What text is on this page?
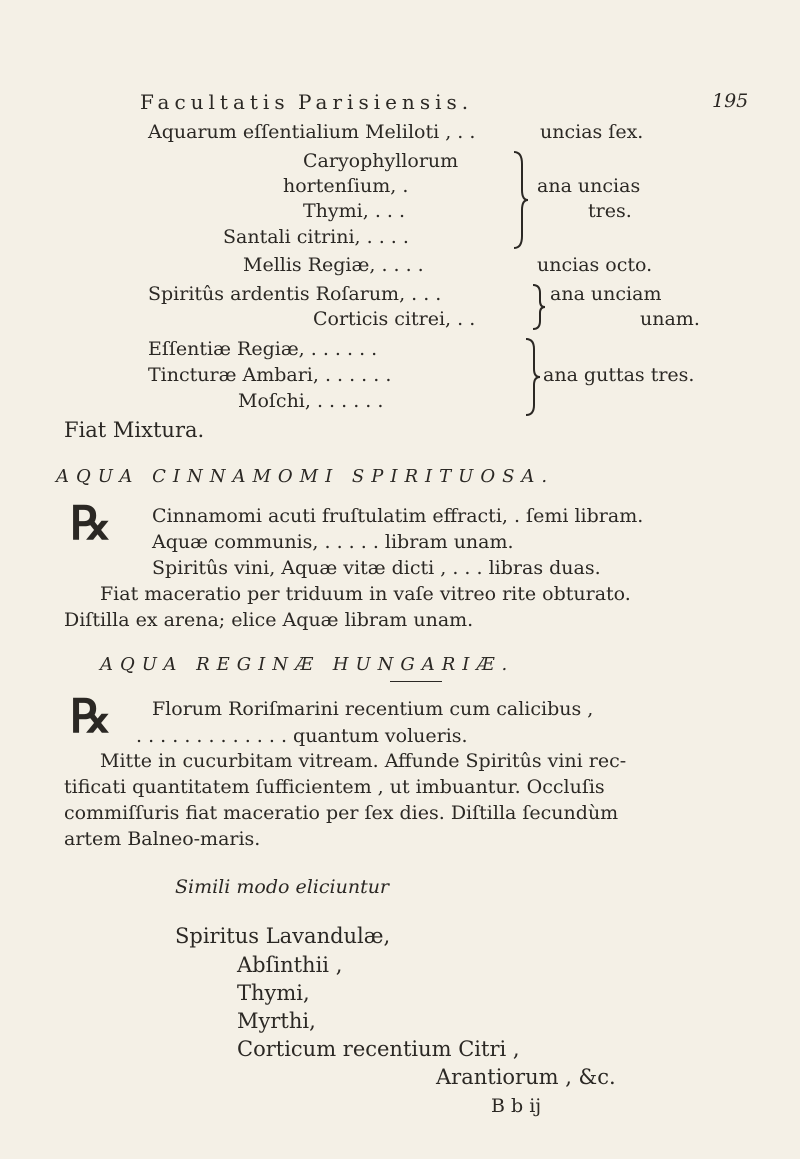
Facultatis Parisiensis.	195
Aquarum eſſentialium Meliloti , . .	uncias ſex.
Caryophyllorum
hortenſium, .	ana uncias
Thymi, . . .	tres.
Santali citrini, . . . .
Mellis Regiæ, . . . .	uncias octo.
Spiritûs ardentis Roſarum, . . .	ana unciam
Corticis citrei, . .	unam.
Eſſentiæ Regiæ, . . . . . .
Tincturæ Ambari, . . . . . .	ana guttas tres.
Moſchi, . . . . . .
Fiat Mixtura.
AQUA CINNAMOMI SPIRITUOSA.
℞ Cinnamomi acuti fruſtulatim effracti, . ſemi libram.
Aquæ communis, . . . . . libram unam.
Spiritûs vini, Aquæ vitæ dicti , . . . libras duas.
Fiat maceratio per triduum in vaſe vitreo rite obturato.
Diſtilla ex arena; elice Aquæ libram unam.
AQUA REGINÆ HUNGARIÆ.
℞ Florum Roriſmarini recentium cum calicibus ,
. . . . . . . . . . . . . quantum volueris.
Mitte in cucurbitam vitream. Affunde Spiritûs vini rec-
tificati quantitatem ſufficientem , ut imbuantur. Occluſis
commiſſuris fiat maceratio per ſex dies. Diſtilla ſecundùm
artem Balneo-maris.
Simili modo eliciuntur
Spiritus Lavandulæ,
Abſinthii ,
Thymi,
Myrthi,
Corticum recentium Citri ,
Arantiorum , &c.
B b ij
